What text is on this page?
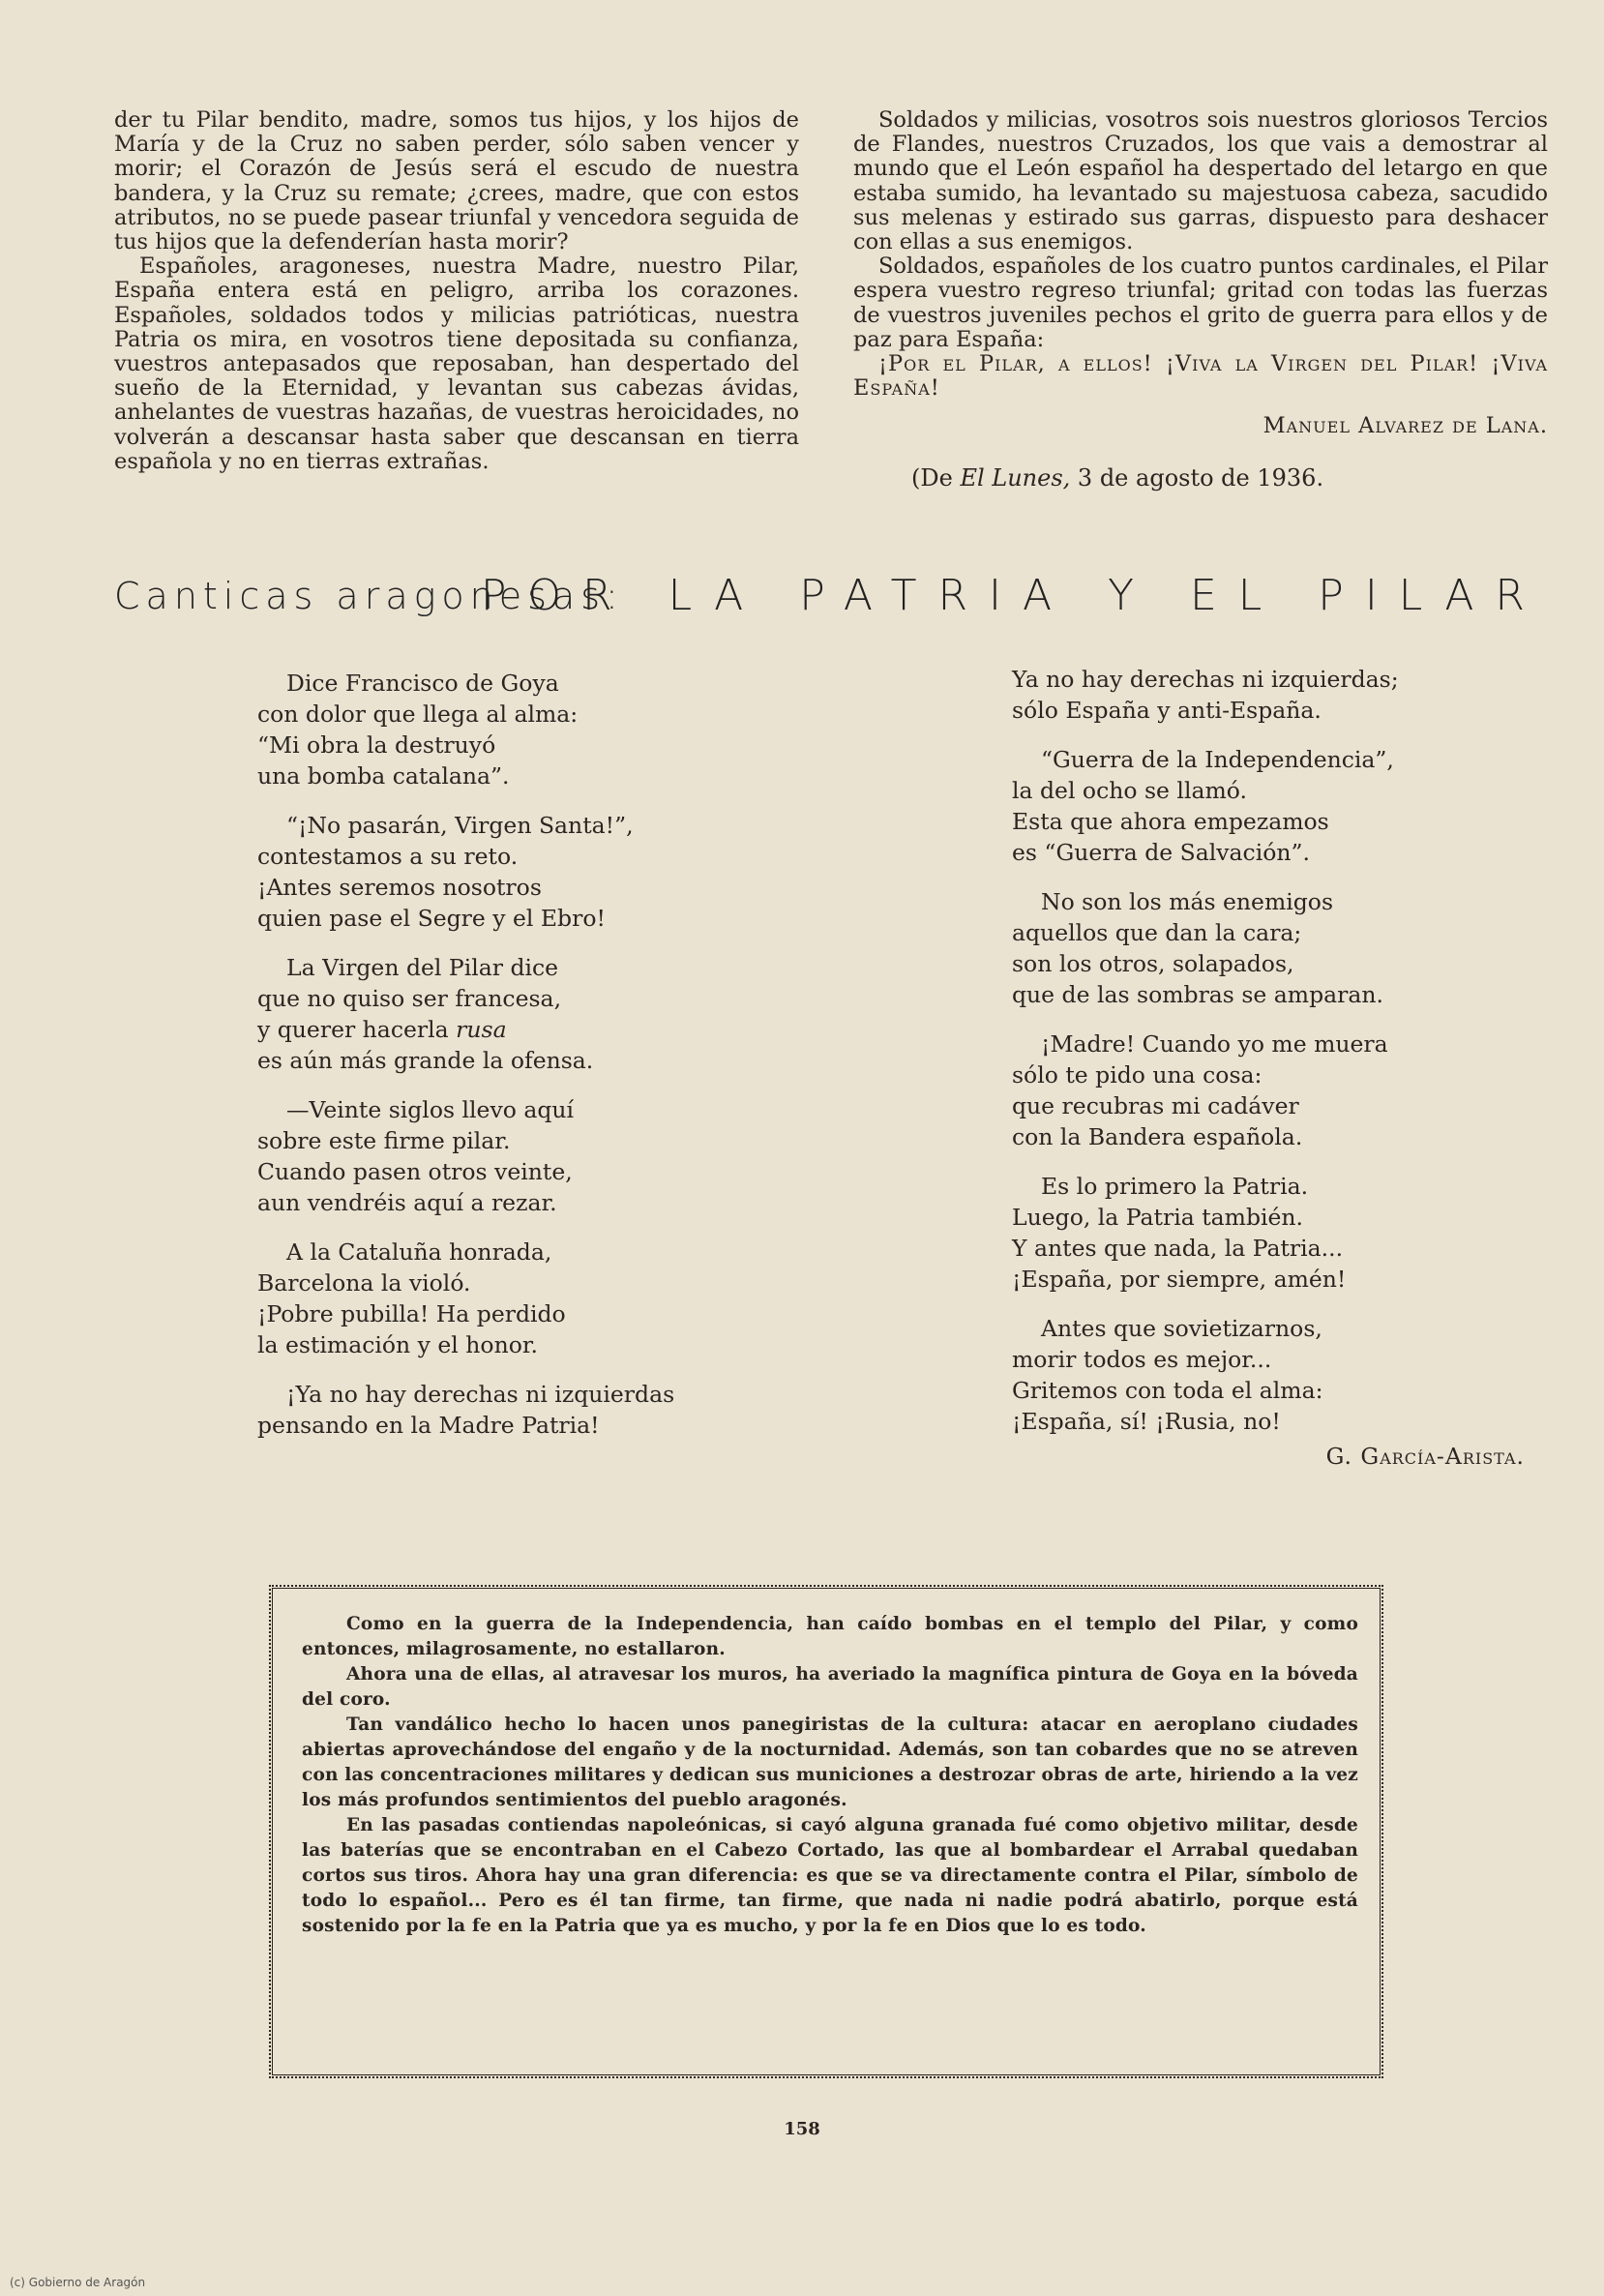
der tu Pilar bendito, madre, somos tus hijos, y los hijos de María y de la Cruz no saben perder, sólo saben vencer y morir; el Corazón de Jesús será el escudo de nuestra bandera, y la Cruz su remate; ¿crees, madre, que con estos atributos, no se puede pasear triunfal y vencedora seguida de tus hijos que la defenderían hasta morir?

Españoles, aragoneses, nuestra Madre, nuestro Pilar, España entera está en peligro, arriba los corazones. Españoles, soldados todos y milicias patrióticas, nuestra Patria os mira, en vosotros tiene depositada su confianza, vuestros antepasados que reposaban, han despertado del sueño de la Eternidad, y levantan sus cabezas ávidas, anhelantes de vuestras hazañas, de vuestras heroicidades, no volverán a descansar hasta saber que descansan en tierra española y no en tierras extrañas.

Soldados y milicias, vosotros sois nuestros gloriosos Tercios de Flandes, nuestros Cruzados, los que vais a demostrar al mundo que el León español ha despertado del letargo en que estaba sumido, ha levantado su majestuosa cabeza, sacudido sus melenas y estirado sus garras, dispuesto para deshacer con ellas a sus enemigos.

Soldados, españoles de los cuatro puntos cardinales, el Pilar espera vuestro regreso triunfal; gritad con todas las fuerzas de vuestros juveniles pechos el grito de guerra para ellos y de paz para España:

¡Por el Pilar, a ellos! ¡Viva la Virgen del Pilar! ¡Viva España!

Manuel Alvarez de Lana.
(De El Lunes, 3 de agosto de 1936.
Canticas aragonesas:
POR LA PATRIA Y EL PILAR
Dice Francisco de Goya
con dolor que llega al alma:
“Mi obra la destruyó
una bomba catalana”.
“¡No pasarán, Virgen Santa!”,
contestamos a su reto.
¡Antes seremos nosotros
quien pase el Segre y el Ebro!
La Virgen del Pilar dice
que no quiso ser francesa,
y querer hacerla rusa
es aún más grande la ofensa.
—Veinte siglos llevo aquí
sobre este firme pilar.
Cuando pasen otros veinte,
aun vendréis aquí a rezar.
A la Cataluña honrada,
Barcelona la violó.
¡Pobre pubilla! Ha perdido
la estimación y el honor.
¡Ya no hay derechas ni izquierdas
pensando en la Madre Patria!
Ya no hay derechas ni izquierdas;
sólo España y anti-España.
“Guerra de la Independencia”,
la del ocho se llamó.
Esta que ahora empezamos
es “Guerra de Salvación”.
No son los más enemigos
aquellos que dan la cara;
son los otros, solapados,
que de las sombras se amparan.
¡Madre! Cuando yo me muera
sólo te pido una cosa:
que recubras mi cadáver
con la Bandera española.
Es lo primero la Patria.
Luego, la Patria también.
Y antes que nada, la Patria...
¡España, por siempre, amén!
Antes que sovietizarnos,
morir todos es mejor...
Gritemos con toda el alma:
¡España, sí! ¡Rusia, no!
G. García-Arista.

Como en la guerra de la Independencia, han caído bombas en el templo del Pilar, y como entonces, milagrosamente, no estallaron.

Ahora una de ellas, al atravesar los muros, ha averiado la magnífica pintura de Goya en la bóveda del coro.

Tan vandálico hecho lo hacen unos panegiristas de la cultura: atacar en aeroplano ciudades abiertas aprovechándose del engaño y de la nocturnidad. Además, son tan cobardes que no se atreven con las concentraciones militares y dedican sus municiones a destrozar obras de arte, hiriendo a la vez los más profundos sentimientos del pueblo aragonés.

En las pasadas contiendas napoleónicas, si cayó alguna granada fué como objetivo militar, desde las baterías que se encontraban en el Cabezo Cortado, las que al bombardear el Arrabal quedaban cortos sus tiros. Ahora hay una gran diferencia: es que se va directamente contra el Pilar, símbolo de todo lo español... Pero es él tan firme, tan firme, que nada ni nadie podrá abatirlo, porque está sostenido por la fe en la Patria que ya es mucho, y por la fe en Dios que lo es todo.

158
(c) Gobierno de Aragón
